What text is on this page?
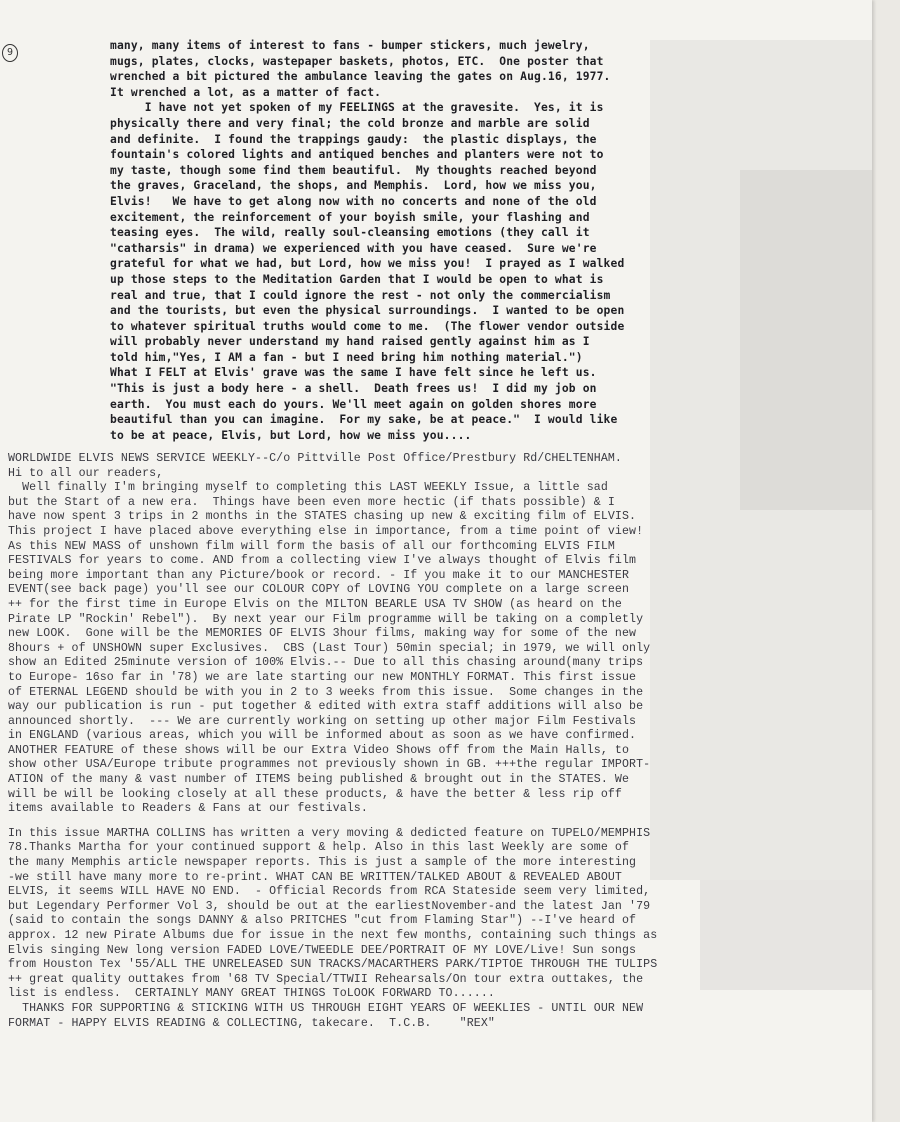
9
many, many items of interest to fans - bumper stickers, much jewelry,
mugs, plates, clocks, wastepaper baskets, photos, ETC.  One poster that
wrenched a bit pictured the ambulance leaving the gates on Aug.16, 1977.
It wrenched a lot, as a matter of fact.
I have not yet spoken of my FEELINGS at the gravesite.  Yes, it is
physically there and very final; the cold bronze and marble are solid
and definite.  I found the trappings gaudy:  the plastic displays, the
fountain's colored lights and antiqued benches and planters were not to
my taste, though some find them beautiful.  My thoughts reached beyond
the graves, Graceland, the shops, and Memphis.  Lord, how we miss you,
Elvis!   We have to get along now with no concerts and none of the old
excitement, the reinforcement of your boyish smile, your flashing and
teasing eyes.  The wild, really soul-cleansing emotions (they call it
"catharsis" in drama) we experienced with you have ceased.  Sure we're
grateful for what we had, but Lord, how we miss you!  I prayed as I walked
up those steps to the Meditation Garden that I would be open to what is
real and true, that I could ignore the rest - not only the commercialism
and the tourists, but even the physical surroundings.  I wanted to be open
to whatever spiritual truths would come to me.  (The flower vendor outside
will probably never understand my hand raised gently against him as I
told him,"Yes, I AM a fan - but I need bring him nothing material.")
What I FELT at Elvis' grave was the same I have felt since he left us.
"This is just a body here - a shell.  Death frees us!  I did my job on
earth.  You must each do yours. We'll meet again on golden shores more
beautiful than you can imagine.  For my sake, be at peace."  I would like
to be at peace, Elvis, but Lord, how we miss you....
WORLDWIDE ELVIS NEWS SERVICE WEEKLY--C/o Pittville Post Office/Prestbury Rd/CHELTENHAM.
Hi to all our readers,
Well finally I'm bringing myself to completing this LAST WEEKLY Issue, a little sad
but the Start of a new era.  Things have been even more hectic (if thats possible) & I
have now spent 3 trips in 2 months in the STATES chasing up new & exciting film of ELVIS.
This project I have placed above everything else in importance, from a time point of view!
As this NEW MASS of unshown film will form the basis of all our forthcoming ELVIS FILM
FESTIVALS for years to come. AND from a collecting view I've always thought of Elvis film
being more important than any Picture/book or record. - If you make it to our MANCHESTER
EVENT(see back page) you'll see our COLOUR COPY of LOVING YOU complete on a large screen
++ for the first time in Europe Elvis on the MILTON BEARLE USA TV SHOW (as heard on the
Pirate LP "Rockin' Rebel").  By next year our Film programme will be taking on a completly
new LOOK.  Gone will be the MEMORIES OF ELVIS 3hour films, making way for some of the new
8hours + of UNSHOWN super Exclusives.  CBS (Last Tour) 50min special; in 1979, we will only
show an Edited 25minute version of 100% Elvis.-- Due to all this chasing around(many trips
to Europe- 16so far in '78) we are late starting our new MONTHLY FORMAT. This first issue
of ETERNAL LEGEND should be with you in 2 to 3 weeks from this issue.  Some changes in the
way our publication is run - put together & edited with extra staff additions will also be
announced shortly.  --- We are currently working on setting up other major Film Festivals
in ENGLAND (various areas, which you will be informed about as soon as we have confirmed.
ANOTHER FEATURE of these shows will be our Extra Video Shows off from the Main Halls, to
show other USA/Europe tribute programmes not previously shown in GB. +++the regular IMPORT-
ATION of the many & vast number of ITEMS being published & brought out in the STATES. We
will be will be looking closely at all these products, & have the better & less rip off
items available to Readers & Fans at our festivals.
In this issue MARTHA COLLINS has written a very moving & dedicted feature on TUPELO/MEMPHIS
78.Thanks Martha for your continued support & help. Also in this last Weekly are some of
the many Memphis article newspaper reports. This is just a sample of the more interesting
-we still have many more to re-print. WHAT CAN BE WRITTEN/TALKED ABOUT & REVEALED ABOUT
ELVIS, it seems WILL HAVE NO END.  - Official Records from RCA Stateside seem very limited,
but Legendary Performer Vol 3, should be out at the earliestNovember-and the latest Jan '79
(said to contain the songs DANNY & also PRITCHES "cut from Flaming Star") --I've heard of
approx. 12 new Pirate Albums due for issue in the next few months, containing such things as
Elvis singing New long version FADED LOVE/TWEEDLE DEE/PORTRAIT OF MY LOVE/Live! Sun songs
from Houston Tex '55/ALL THE UNRELEASED SUN TRACKS/MACARTHERS PARK/TIPTOE THROUGH THE TULIPS
++ great quality outtakes from '68 TV Special/TTWII Rehearsals/On tour extra outtakes, the
list is endless.  CERTAINLY MANY GREAT THINGS ToLOOK FORWARD TO......
THANKS FOR SUPPORTING & STICKING WITH US THROUGH EIGHT YEARS OF WEEKLIES - UNTIL OUR NEW
FORMAT - HAPPY ELVIS READING & COLLECTING, takecare.  T.C.B.    "REX"
